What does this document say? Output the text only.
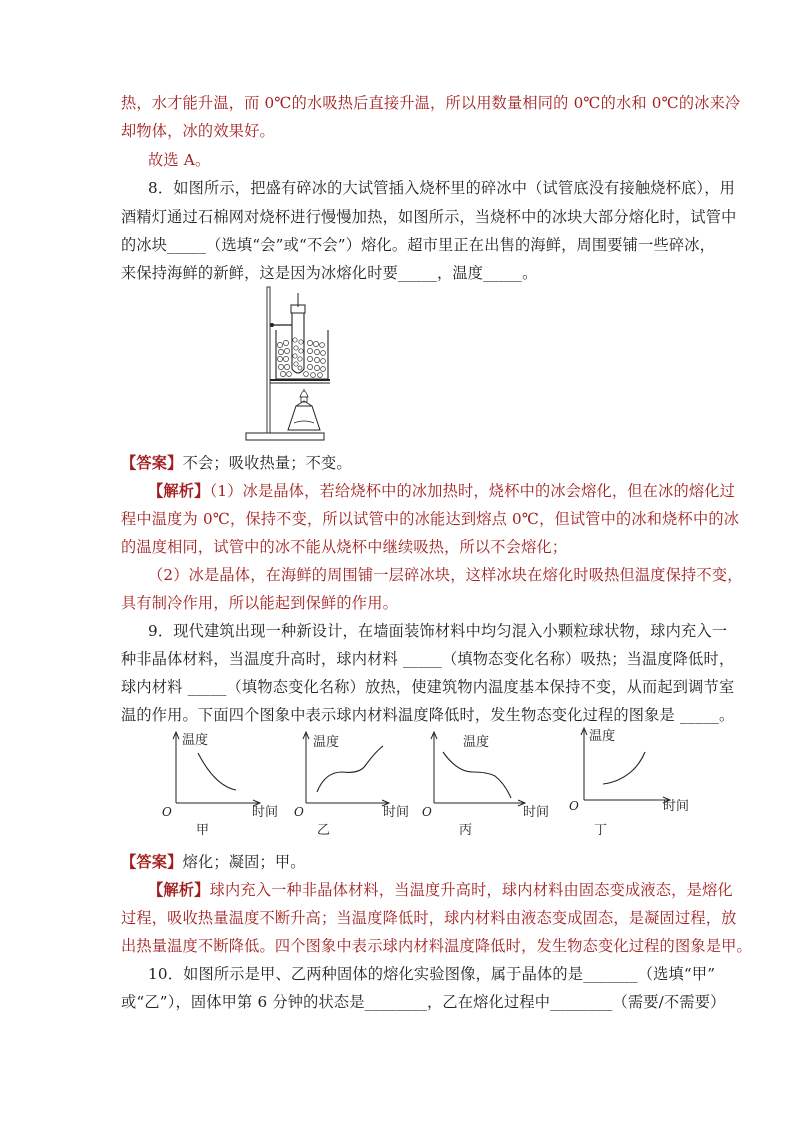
热，水才能升温，而 0℃的水吸热后直接升温，所以用数量相同的 0℃的水和 0℃的冰来冷
却物体，冰的效果好。
故选 A。
8．如图所示，把盛有碎冰的大试管插入烧杯里的碎冰中（试管底没有接触烧杯底），用
酒精灯通过石棉网对烧杯进行慢慢加热，如图所示，当烧杯中的冰块大部分熔化时，试管中
的冰块_____（选填“会”或“不会”）熔化。超市里正在出售的海鲜，周围要铺一些碎冰，
来保持海鲜的新鲜，这是因为冰熔化时要_____，温度_____。
【答案】不会；吸收热量；不变。
【解析】（1）冰是晶体，若给烧杯中的冰加热时，烧杯中的冰会熔化，但在冰的熔化过
程中温度为 0℃，保持不变，所以试管中的冰能达到熔点 0℃，但试管中的冰和烧杯中的冰
的温度相同，试管中的冰不能从烧杯中继续吸热，所以不会熔化；
（2）冰是晶体，在海鲜的周围铺一层碎冰块，这样冰块在熔化时吸热但温度保持不变，
具有制冷作用，所以能起到保鲜的作用。
9．现代建筑出现一种新设计，在墙面装饰材料中均匀混入小颗粒球状物，球内充入一
种非晶体材料，当温度升高时，球内材料 _____（填物态变化名称）吸热；当温度降低时，
球内材料 _____（填物态变化名称）放热，使建筑物内温度基本保持不变，从而起到调节室
温的作用。下面四个图象中表示球内材料温度降低时，发生物态变化过程的图象是 _____。
温度
时间
O
甲
温度
时间
O
乙
温度
时间
O
丙
温度
时间
O
丁
【答案】熔化；凝固；甲。
【解析】球内充入一种非晶体材料，当温度升高时，球内材料由固态变成液态，是熔化
过程，吸收热量温度不断升高；当温度降低时，球内材料由液态变成固态，是凝固过程，放
出热量温度不断降低。四个图象中表示球内材料温度降低时，发生物态变化过程的图象是甲。
10．如图所示是甲、乙两种固体的熔化实验图像，属于晶体的是_______（选填“甲”
或“乙”），固体甲第 6 分钟的状态是________，乙在熔化过程中________（需要/不需要）
